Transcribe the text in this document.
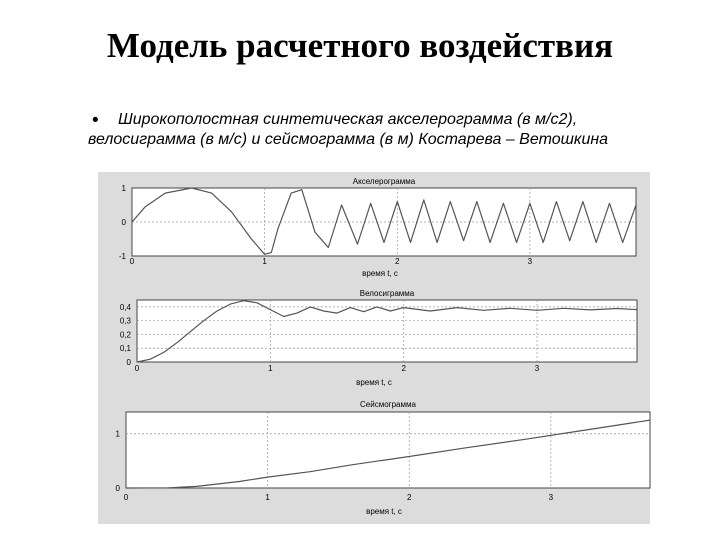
Модель расчетного воздействия
•	Широкополостная синтетическая акселерограмма (в м/с2),
велосиграмма (в м/с) и сейсмограмма (в м) Костарева – Ветошкина
0	1	2	3
1
0
-1
Акселерограмма
время t, с
0	1	2	3
0,4
0,3
0,2
0,1
0
Велосиграмма
время t, с
0	1	2	3
1
0
Сейсмограмма
время t, с
